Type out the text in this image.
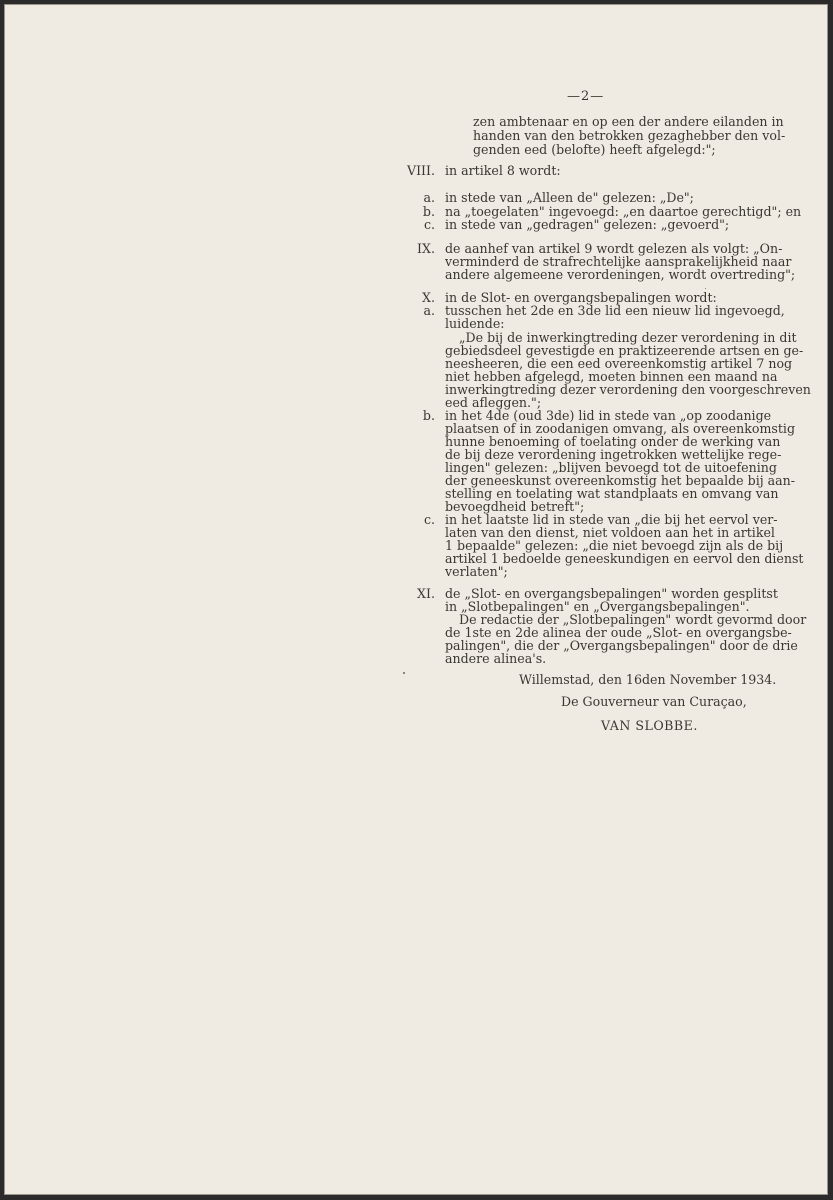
—2—
zen ambtenaar en op een der andere eilanden in
handen van den betrokken gezaghebber den vol-
genden eed (belofte) heeft afgelegd:";
VIII. in artikel 8 wordt:
a. in stede van „Alleen de" gelezen: „De";
b. na „toegelaten" ingevoegd: „en daartoe gerechtigd"; en
c. in stede van „gedragen" gelezen: „gevoerd";
IX. de aanhef van artikel 9 wordt gelezen als volgt: „On-
verminderd de strafrechtelijke aansprakelijkheid naar
andere algemeene verordeningen, wordt overtreding";
X. in de Slot- en overgangsbepalingen wordt:
a. tusschen het 2de en 3de lid een nieuw lid ingevoegd,
luidende:
„De bij de inwerkingtreding dezer verordening in dit
gebiedsdeel gevestigde en praktizeerende artsen en ge-
neesheeren, die een eed overeenkomstig artikel 7 nog
niet hebben afgelegd, moeten binnen een maand na
inwerkingtreding dezer verordening den voorgeschreven
eed afleggen.";
b. in het 4de (oud 3de) lid in stede van „op zoodanige
plaatsen of in zoodanigen omvang, als overeenkomstig
hunne benoeming of toelating onder de werking van
de bij deze verordening ingetrokken wettelijke rege-
lingen" gelezen: „blijven bevoegd tot de uitoefening
der geneeskunst overeenkomstig het bepaalde bij aan-
stelling en toelating wat standplaats en omvang van
bevoegdheid betreft";
c. in het laatste lid in stede van „die bij het eervol ver-
laten van den dienst, niet voldoen aan het in artikel
1 bepaalde" gelezen: „die niet bevoegd zijn als de bij
artikel 1 bedoelde geneeskundigen en eervol den dienst
verlaten";
XI. de „Slot- en overgangsbepalingen" worden gesplitst
in „Slotbepalingen" en „Overgangsbepalingen".
De redactie der „Slotbepalingen" wordt gevormd door
de 1ste en 2de alinea der oude „Slot- en overgangsbe-
palingen", die der „Overgangsbepalingen" door de drie
andere alinea's.
Willemstad, den 16den November 1934.
De Gouverneur van Curaçao,
VAN SLOBBE.
